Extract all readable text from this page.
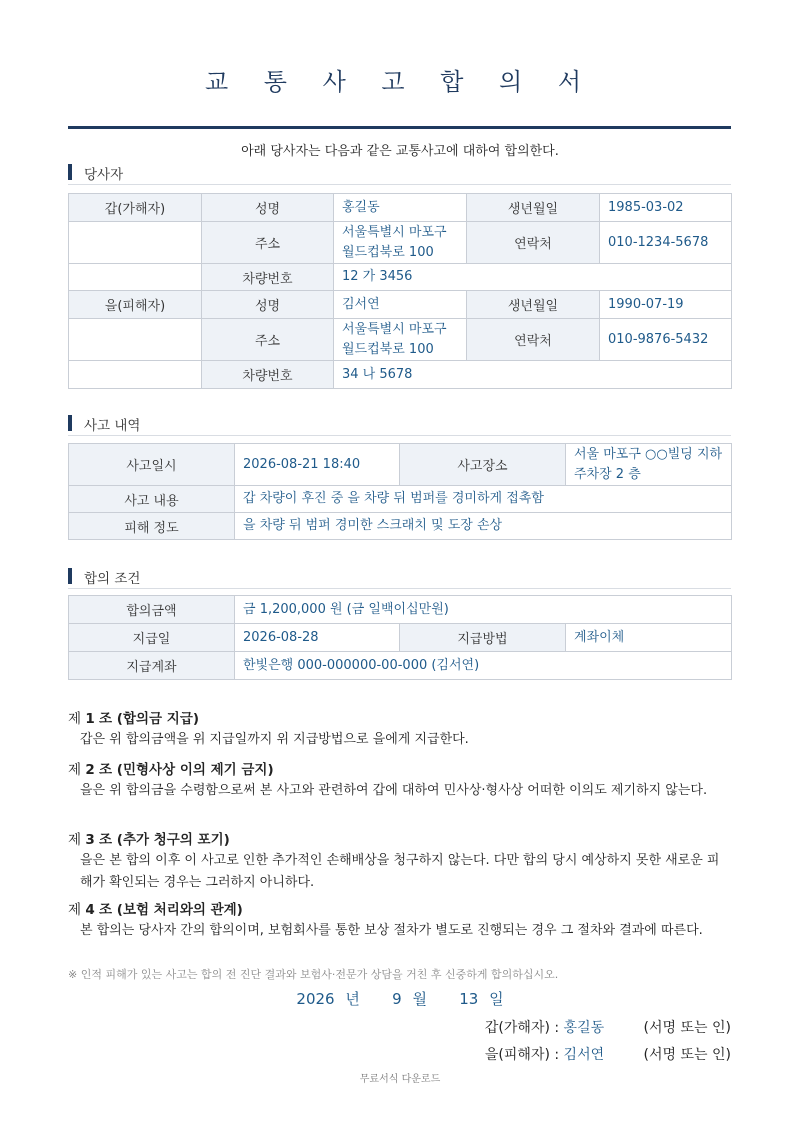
교 통 사 고 합 의 서
아래 당사자는 다음과 같은 교통사고에 대하여 합의한다.
당사자
갑(가해자)	성명	홍길동	생년월일	1985-03-02
	주소	서울특별시 마포구 월드컵북로 100	연락처	010-1234-5678
	차량번호	12 가 3456		
을(피해자)	성명	김서연	생년월일	1990-07-19
	주소	서울특별시 마포구 월드컵북로 100	연락처	010-9876-5432
	차량번호	34 나 5678		
사고 내역
사고일시	2026-08-21 18:40	사고장소	서울 마포구 ○○빌딩 지하주차장 2 층
사고 내용	갑 차량이 후진 중 을 차량 뒤 범퍼를 경미하게 접촉함		
피해 정도	을 차량 뒤 범퍼 경미한 스크래치 및 도장 손상		
합의 조건
합의금액	금 1,200,000 원 (금 일백이십만원)		
지급일	2026-08-28	지급방법	계좌이체
지급계좌	한빛은행 000-000000-00-000 (김서연)		
제 1 조 (합의금 지급)
갑은 위 합의금액을 위 지급일까지 위 지급방법으로 을에게 지급한다.
제 2 조 (민형사상 이의 제기 금지)
을은 위 합의금을 수령함으로써 본 사고와 관련하여 갑에 대하여 민사상·형사상 어떠한 이의도 제기하지 않는다.
제 3 조 (추가 청구의 포기)
을은 본 합의 이후 이 사고로 인한 추가적인 손해배상을 청구하지 않는다. 다만 합의 당시 예상하지 못한 새로운 피해가 확인되는 경우는 그러하지 아니하다.
제 4 조 (보험 처리와의 관계)
본 합의는 당사자 간의 합의이며, 보험회사를 통한 보상 절차가 별도로 진행되는 경우 그 절차와 결과에 따른다.
※ 인적 피해가 있는 사고는 합의 전 진단 결과와 보험사·전문가 상담을 거친 후 신중하게 합의하십시오.
2026 년   9 월   13 일
갑(가해자) : 홍길동	(서명 또는 인)
을(피해자) : 김서연	(서명 또는 인)
무료서식 다운로드
